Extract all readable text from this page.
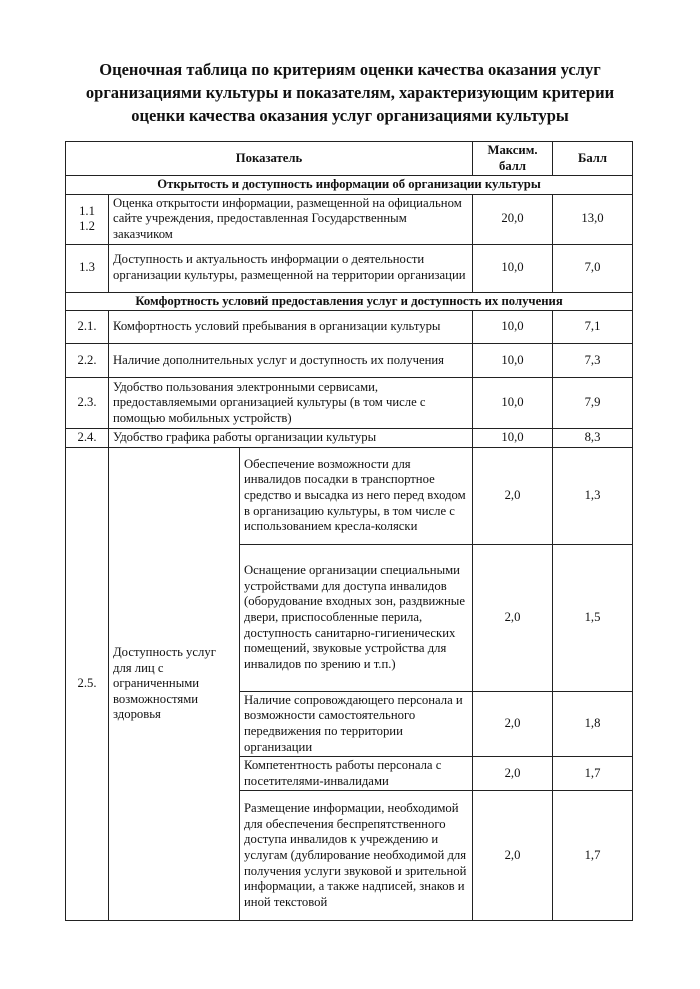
Оценочная таблица по критериям оценки качества оказания услуг организациями культуры и показателям, характеризующим критерии оценки качества оказания услуг организациями культуры
Показатель			Максим. балл	Балл
Открытость и доступность информации об организации культуры				

1.1
1.2	Оценка открытости информации, размещенной на официальном сайте учреждения, предоставленная Государственным заказчиком		20,0	13,0
1.3	Доступность и актуальность информации о деятельности организации культуры, размещенной на территории организации		10,0	7,0
Комфортность условий предоставления услуг и доступность их получения				
2.1.	Комфортность условий пребывания в организации культуры		10,0	7,1
2.2.	Наличие дополнительных услуг и доступность их получения		10,0	7,3
2.3.	Удобство пользования электронными сервисами, предоставляемыми организацией культуры (в том числе с помощью мобильных устройств)		10,0	7,9
2.4.	Удобство графика работы организации культуры		10,0	8,3
2.5.	Доступность услуг для лиц с ограниченными возможностями здоровья	Обеспечение возможности для инвалидов посадки в транспортное средство и высадка из него перед входом в организацию культуры, в том числе с использованием кресла-коляски	2,0	1,3
		Оснащение организации специальными устройствами для доступа инвалидов (оборудование входных зон, раздвижные двери, приспособленные перила, доступность санитарно-гигиенических помещений, звуковые устройства для инвалидов по зрению и т.п.)	2,0	1,5
		Наличие сопровождающего персонала и возможности самостоятельного передвижения по территории организации	2,0	1,8
		Компетентность работы персонала с посетителями-инвалидами	2,0	1,7
		Размещение информации, необходимой для обеспечения беспрепятственного доступа инвалидов к учреждению и услугам (дублирование необходимой для получения услуги звуковой и зрительной информации, а также надписей, знаков и иной текстовой	2,0	1,7
